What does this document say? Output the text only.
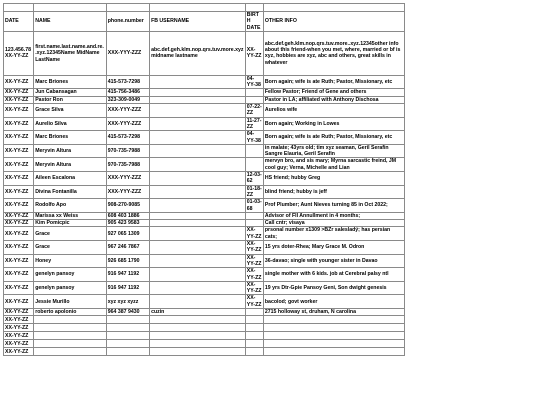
DATE	NAME	phone.number	FB USERNAME	BIRTH DATE	OTHER INFO
123.456.78 XX-YY-ZZ	first.name.last.name.and.re..xyz.12345Name MidName LastName	XXX-YYY-ZZZ	abc.def.geh.klm.nop.qrs.tuv.more.xyz midname lastname	XX-YY-ZZ	abc.def.geh.klm.nop.qrs.tuv.more..xyz.12345other info about this friend-when you met, where, married or bf is xyz, hobbies are xyz, abc and others, great skills in whatever
XX-YY-ZZ	Marc Briones	415-573-7298		04-YY-38	Born again; wife is ate Ruth; Pastor, Missionary, etc
XX-YY-ZZ	Jun Cabansagan	415-756-3486			Fellow Pastor; Friend of Gene and others
XX-YY-ZZ	Pastor Ron	323-309-0049			Pastor in LA; affiliated with Anthony Dischosa
XX-YY-ZZ	Grace Silva	XXX-YYY-ZZZ		07-22-ZZ	Aurelios wife
XX-YY-ZZ	Aurelio Silva	XXX-YYY-ZZZ		11-27-ZZ	Born again; Working in Lowes
XX-YY-ZZ	Marc Briones	415-573-7298		04-YY-38	Born again; wife is ate Ruth; Pastor, Missionary, etc
XX-YY-ZZ	Meryvin Altura	970-735-7988			in malate; 43yrs old; tim xyz seaman, Geril Serafin Sangre Elauria, Geril Serafin
XX-YY-ZZ	Meryvin Altura	970-735-7988			mervyn bro, and sis mary; Myrna sarcastic freind, JM cool guy; Verna, Michelle and Lian
XX-YY-ZZ	Aileen Escalona	XXX-YYY-ZZZ		12-03-62	HS friend; hubby Greg
XX-YY-ZZ	Divina Fontanilla	XXX-YYY-ZZZ		01-18-ZZ	blind friend; hubby is jeff
XX-YY-ZZ	Rodolfo Apo	908-270-9085		01-03-68	Prof Plumber; Aunt Nieves turning 85 in Oct 2022;
XX-YY-ZZ	Marissa xx Weiss	608 403 1886			Advisor of FIl Annullment in 4 months;
XX-YY-ZZ	Kim Pomicpic	905 423 9583			Call cntr; visaya
XX-YY-ZZ	Grace	927 065 1309		XX-YY-ZZ	prsonal number x1309 >BZr salesladý; has persian cats;
XX-YY-ZZ	Grace	967 246 7867		XX-YY-ZZ	15 yrs doter-Rhea; Mary Grace M. Odron
XX-YY-ZZ	Honey	926 685 1790		XX-YY-ZZ	36-davao; single with younger sister in Davao
XX-YY-ZZ	genelyn pansoy	916 947 1192		XX-YY-ZZ	single mother with 6 kids. job at Cerebral palsy ntl
XX-YY-ZZ	genelyn pansoy	916 947 1192		XX-YY-ZZ	19 yrs Dtr-Gpie Pansoy Geni, Son dwight genesis
XX-YY-ZZ	Jessie Murillo	xyz xyz xyzz		XX-YY-ZZ	bacolod; govt worker
XX-YY-ZZ	roberto apolonio	964 387 9430	cuzin		2715 holloway st, druham, N carolina
XX-YY-ZZ					
XX-YY-ZZ					
XX-YY-ZZ					
XX-YY-ZZ					
XX-YY-ZZ					
